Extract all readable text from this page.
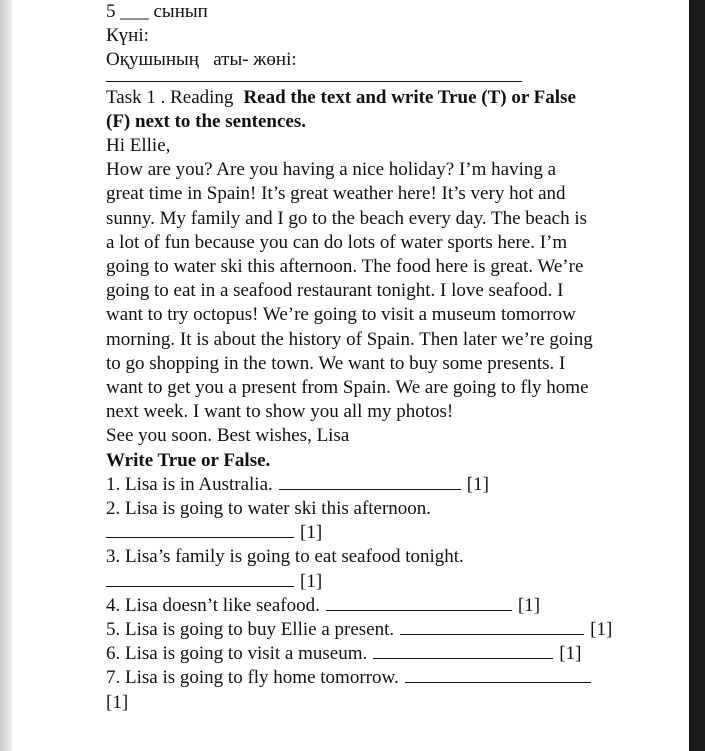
5 ___ сынып
Күні:
Оқушының   аты- жөні:
Task 1 . Reading Read the text and write True (T) or False
(F) next to the sentences.
Hi Ellie,
How are you? Are you having a nice holiday? I’m having a
great time in Spain! It’s great weather here! It’s very hot and
sunny. My family and I go to the beach every day. The beach is
a lot of fun because you can do lots of water sports here. I’m
going to water ski this afternoon. The food here is great. We’re
going to eat in a seafood restaurant tonight. I love seafood. I
want to try octopus! We’re going to visit a museum tomorrow
morning. It is about the history of Spain. Then later we’re going
to go shopping in the town. We want to buy some presents. I
want to get you a present from Spain. We are going to fly home
next week. I want to show you all my photos!
See you soon. Best wishes, Lisa
Write True or False.
1. Lisa is in Australia.	[1]
2. Lisa is going to water ski this afternoon.
[1]
3. Lisa’s family is going to eat seafood tonight.
[1]
4. Lisa doesn’t like seafood.	[1]
5. Lisa is going to buy Ellie a present.	[1]
6. Lisa is going to visit a museum.	[1]
7. Lisa is going to fly home tomorrow.
[1]
